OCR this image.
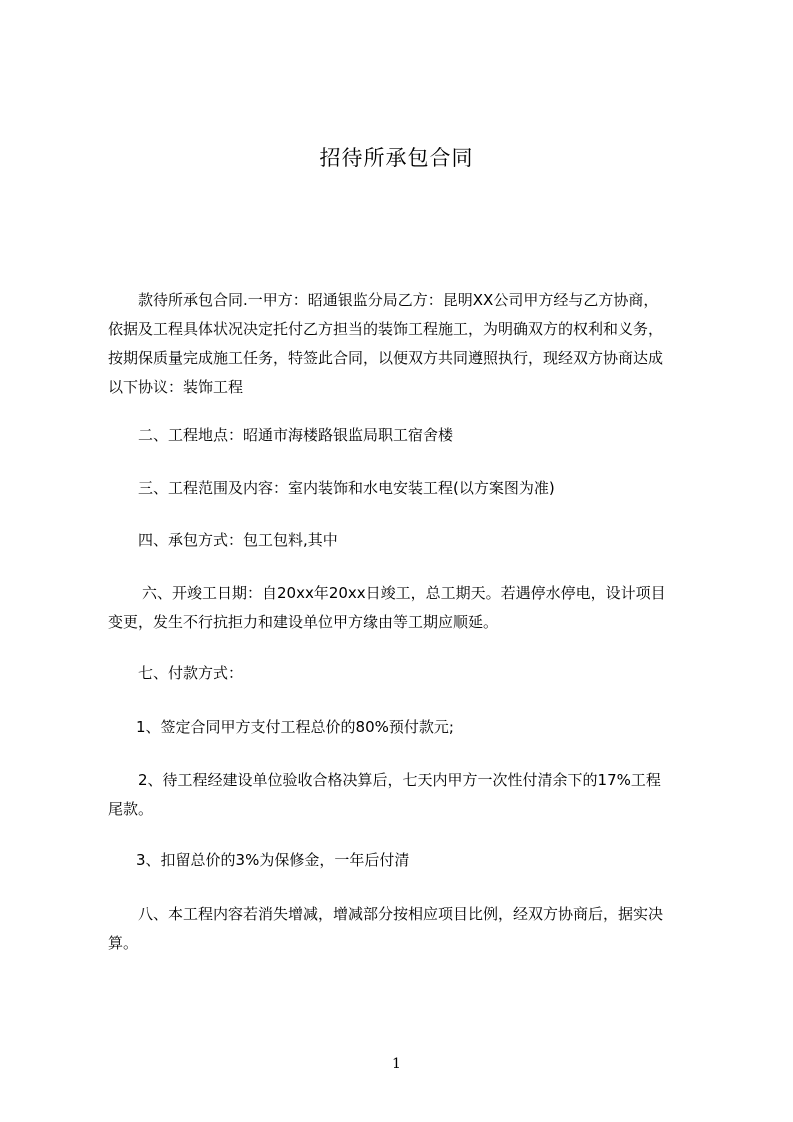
招待所承包合同
款待所承包合同.一甲方：昭通银监分局乙方：昆明XX公司甲方经与乙方协商，
依据及工程具体状况决定托付乙方担当的装饰工程施工，为明确双方的权利和义务，
按期保质量完成施工任务，特签此合同，以便双方共同遵照执行，现经双方协商达成
以下协议：装饰工程
二、工程地点：昭通市海楼路银监局职工宿舍楼
三、工程范围及内容：室内装饰和水电安装工程(以方案图为准)
四、承包方式：包工包料,其中
六、开竣工日期：自20xx年20xx日竣工，总工期天。若遇停水停电，设计项目
变更，发生不行抗拒力和建设单位甲方缘由等工期应顺延。
七、付款方式：
1、签定合同甲方支付工程总价的80%预付款元;
2、待工程经建设单位验收合格决算后，七天内甲方一次性付清余下的17%工程
尾款。
3、扣留总价的3%为保修金，一年后付清
八、本工程内容若消失增减，增减部分按相应项目比例，经双方协商后，据实决
算。
1
